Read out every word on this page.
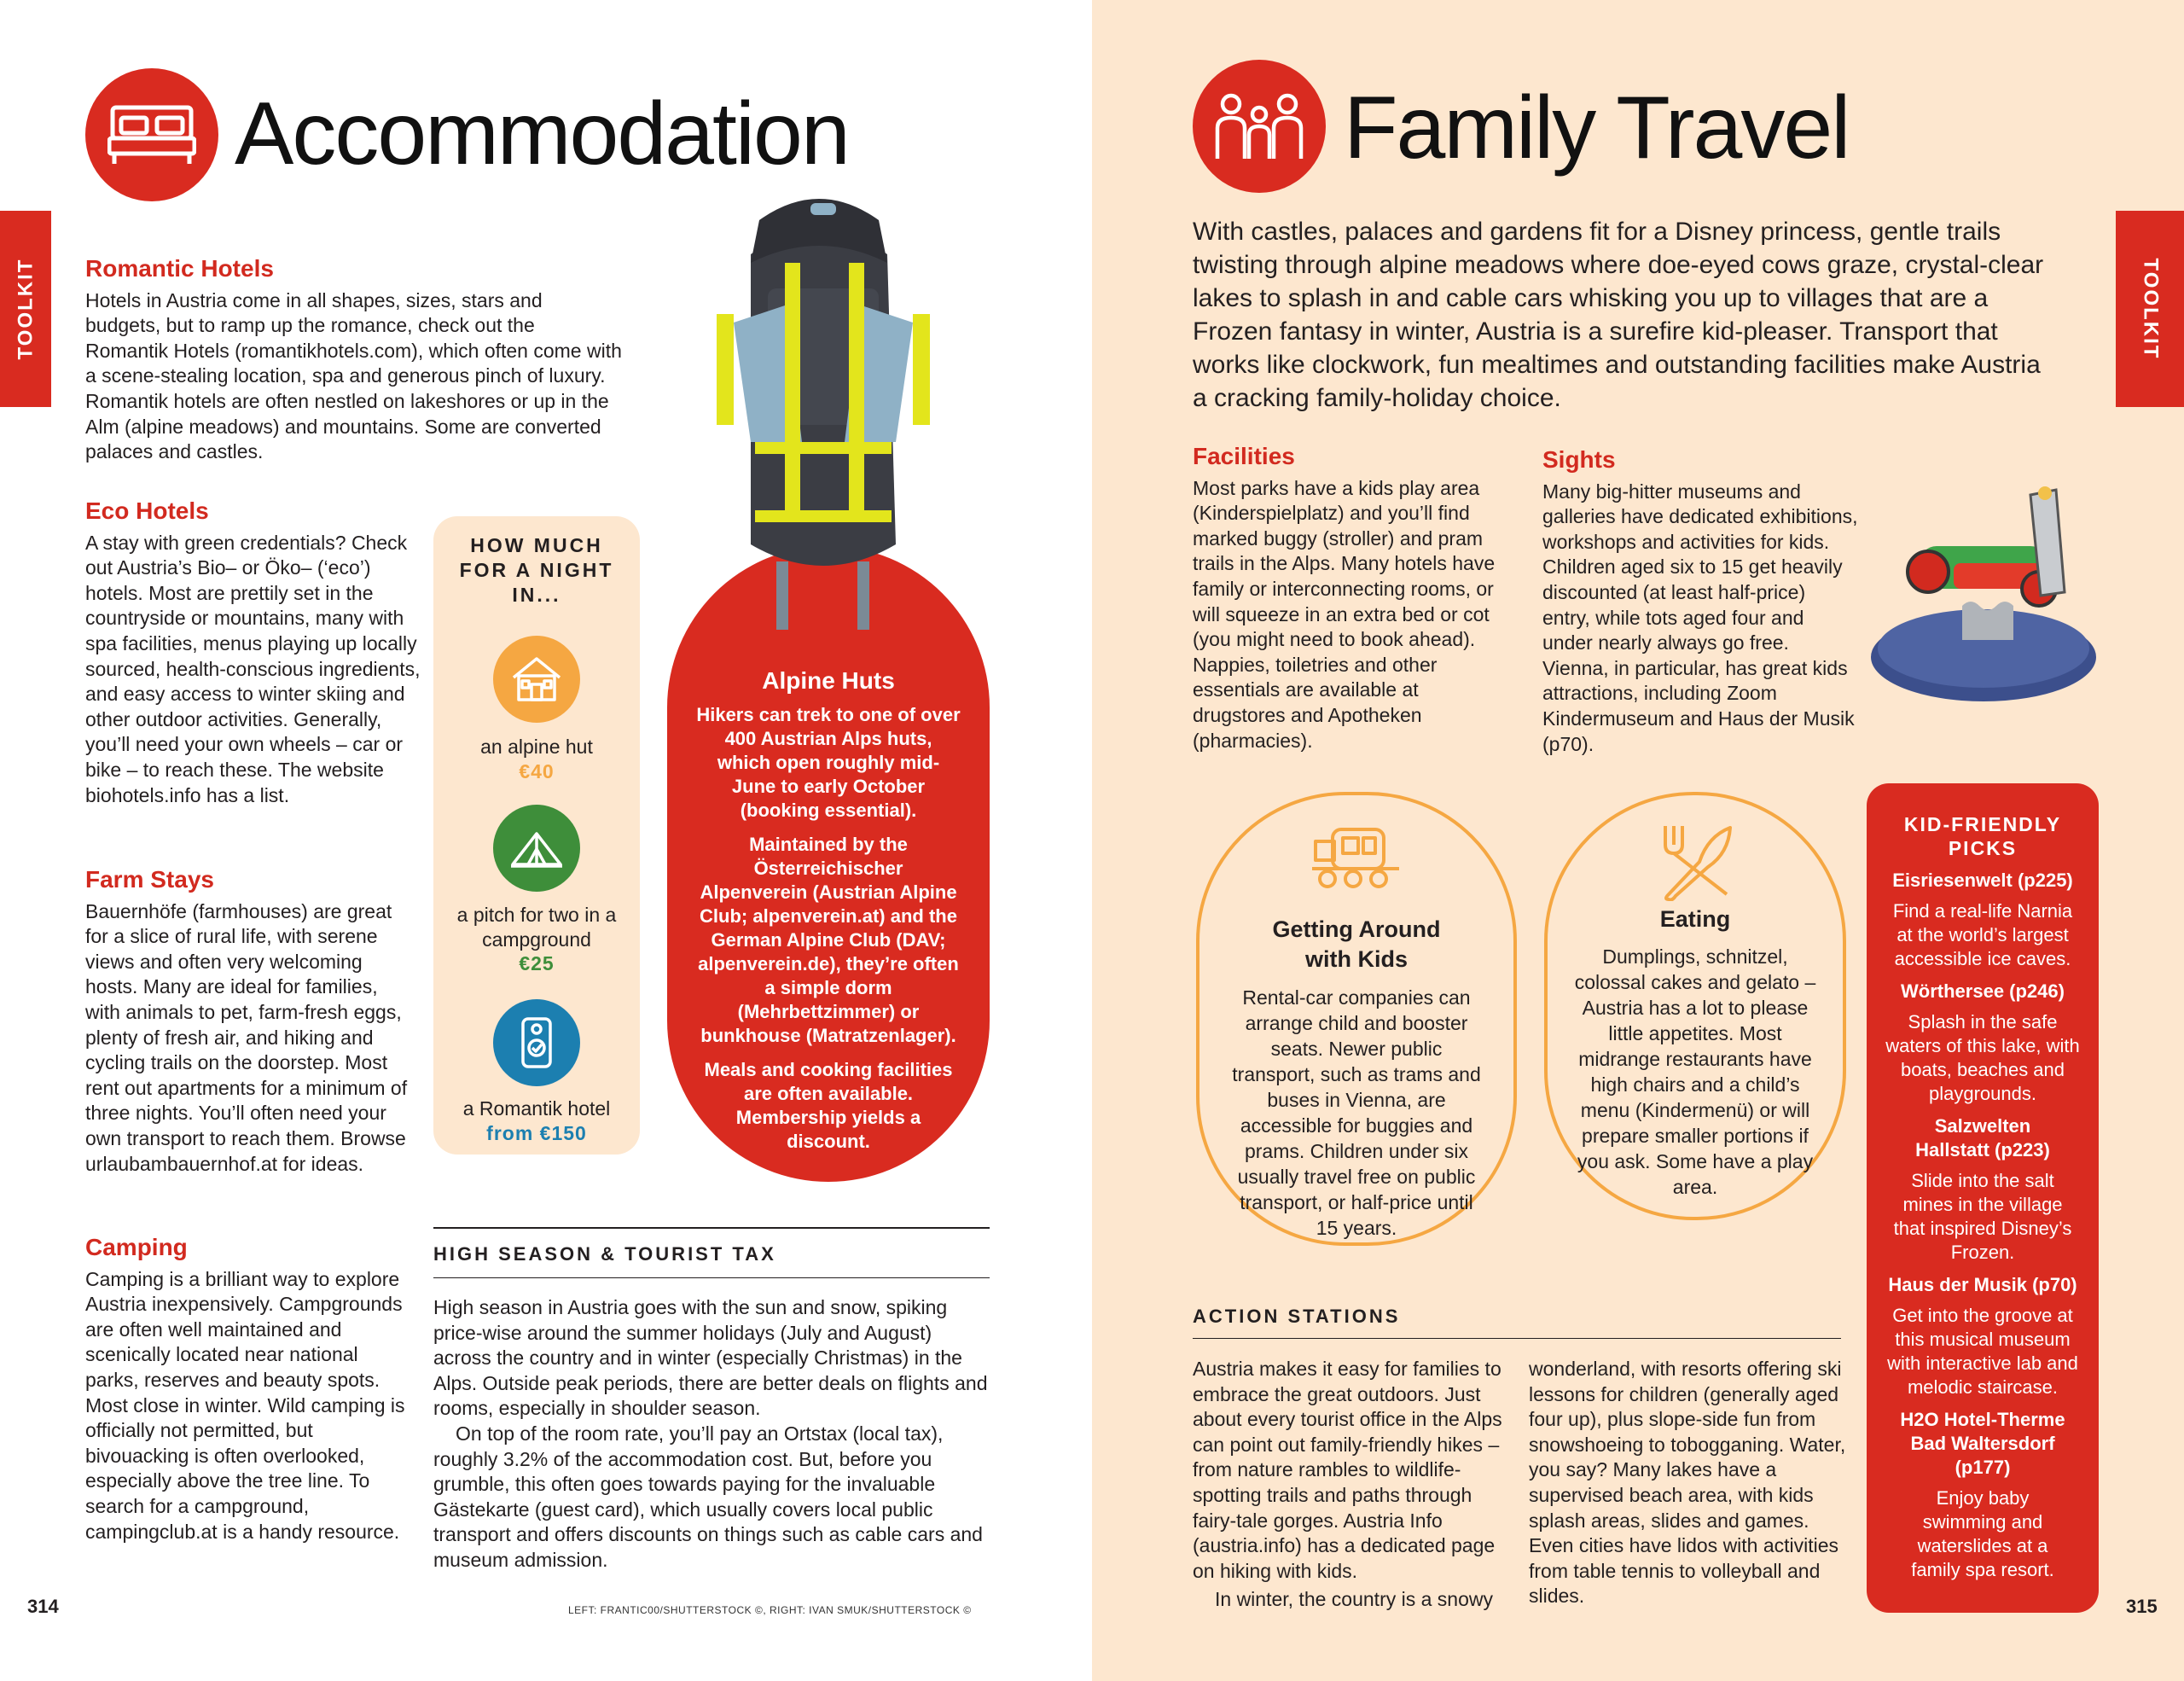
TOOLKIT
Accommodation
Romantic Hotels
Hotels in Austria come in all shapes, sizes, stars and budgets, but to ramp up the romance, check out the Romantik Hotels (romantikhotels.com), which often come with a scene-stealing location, spa and generous pinch of luxury. Romantik hotels are often nestled on lakeshores or up in the Alm (alpine meadows) and mountains. Some are converted palaces and castles.
Eco Hotels
A stay with green credentials? Check out Austria’s Bio– or Öko– (‘eco’) hotels. Most are prettily set in the countryside or mountains, many with spa facilities, menus playing up locally sourced, health-conscious ingredients, and easy access to winter skiing and other outdoor activities. Generally, you’ll need your own wheels – car or bike – to reach these. The website biohotels.info has a list.
Farm Stays
Bauernhöfe (farmhouses) are great for a slice of rural life, with serene views and often very welcoming hosts. Many are ideal for families, with animals to pet, farm-fresh eggs, plenty of fresh air, and hiking and cycling trails on the doorstep. Most rent out apartments for a minimum of three nights. You’ll often need your own transport to reach them. Browse urlaubambauernhof.at for ideas.
Camping
Camping is a brilliant way to explore Austria inexpensively. Campgrounds are often well maintained and scenically located near national parks, reserves and beauty spots. Most close in winter. Wild camping is officially not permitted, but bivouacking is often overlooked, especially above the tree line. To search for a campground, campingclub.at is a handy resource.
HOW MUCH FOR A NIGHT IN...
an alpine hut
€40
a pitch for two in a campground
€25
a Romantik hotel
from €150
Alpine Huts

Hikers can trek to one of over 400 Austrian Alps huts, which open roughly mid-June to early October (booking essential).

Maintained by the Österreichischer Alpenverein (Austrian Alpine Club; alpenverein.at) and the German Alpine Club (DAV; alpenverein.de), they’re often a simple dorm (Mehrbettzimmer) or bunkhouse (Matratzenlager).

Meals and cooking facilities are often available. Membership yields a discount.

HIGH SEASON & TOURIST TAX
High season in Austria goes with the sun and snow, spiking price-wise around the summer holidays (July and August) across the country and in winter (especially Christmas) in the Alps. Outside peak periods, there are better deals on flights and rooms, especially in shoulder season.
On top of the room rate, you’ll pay an Ortstax (local tax), roughly 3.2% of the accommodation cost. But, before you grumble, this often goes towards paying for the invaluable Gästekarte (guest card), which usually covers local public transport and offers discounts on things such as cable cars and museum admission.
314	LEFT: FRANTIC00/SHUTTERSTOCK ©, RIGHT: IVAN SMUK/SHUTTERSTOCK ©
TOOLKIT
Family Travel
With castles, palaces and gardens fit for a Disney princess, gentle trails twisting through alpine meadows where doe-eyed cows graze, crystal-clear lakes to splash in and cable cars whisking you up to villages that are a Frozen fantasy in winter, Austria is a surefire kid-pleaser. Transport that works like clockwork, fun mealtimes and outstanding facilities make Austria a cracking family-holiday choice.
Facilities
Most parks have a kids play area (Kinderspielplatz) and you’ll find marked buggy (stroller) and pram trails in the Alps. Many hotels have family or interconnecting rooms, or will squeeze in an extra bed or cot (you might need to book ahead). Nappies, toiletries and other essentials are available at drugstores and Apotheken (pharmacies).
Sights
Many big-hitter museums and galleries have dedicated exhibitions, workshops and activities for kids. Children aged six to 15 get heavily discounted (at least half-price) entry, while tots aged four and under nearly always go free. Vienna, in particular, has great kids attractions, including Zoom Kindermuseum and Haus der Musik (p70).

Getting Around with Kids

Rental-car companies can arrange child and booster seats. Newer public transport, such as trams and buses in Vienna, are accessible for buggies and prams. Children under six usually travel free on public transport, or half-price until 15 years.

Eating

Dumplings, schnitzel, colossal cakes and gelato – Austria has a lot to please little appetites. Most midrange restaurants have high chairs and a child’s menu (Kindermenü) or will prepare smaller portions if you ask. Some have a play area.

ACTION STATIONS
Austria makes it easy for families to embrace the great outdoors. Just about every tourist office in the Alps can point out family-friendly hikes – from nature rambles to wildlife-spotting trails and paths through fairy-tale gorges. Austria Info (austria.info) has a dedicated page on hiking with kids.
In winter, the country is a snowy
wonderland, with resorts offering ski lessons for children (generally aged four up), plus slope-side fun from snowshoeing to tobogganing. Water, you say? Many lakes have a supervised beach area, with kids splash areas, slides and games. Even cities have lidos with activities from table tennis to volleyball and slides.

KID-FRIENDLY PICKS

Eisriesenwelt (p225)

Find a real-life Narnia at the world’s largest accessible ice caves.

Wörthersee (p246)

Splash in the safe waters of this lake, with boats, beaches and playgrounds.

Salzwelten Hallstatt (p223)

Slide into the salt mines in the village that inspired Disney’s Frozen.

Haus der Musik (p70)

Get into the groove at this musical museum with interactive lab and melodic staircase.

H2O Hotel-Therme Bad Waltersdorf (p177)

Enjoy baby swimming and waterslides at a family spa resort.

315
